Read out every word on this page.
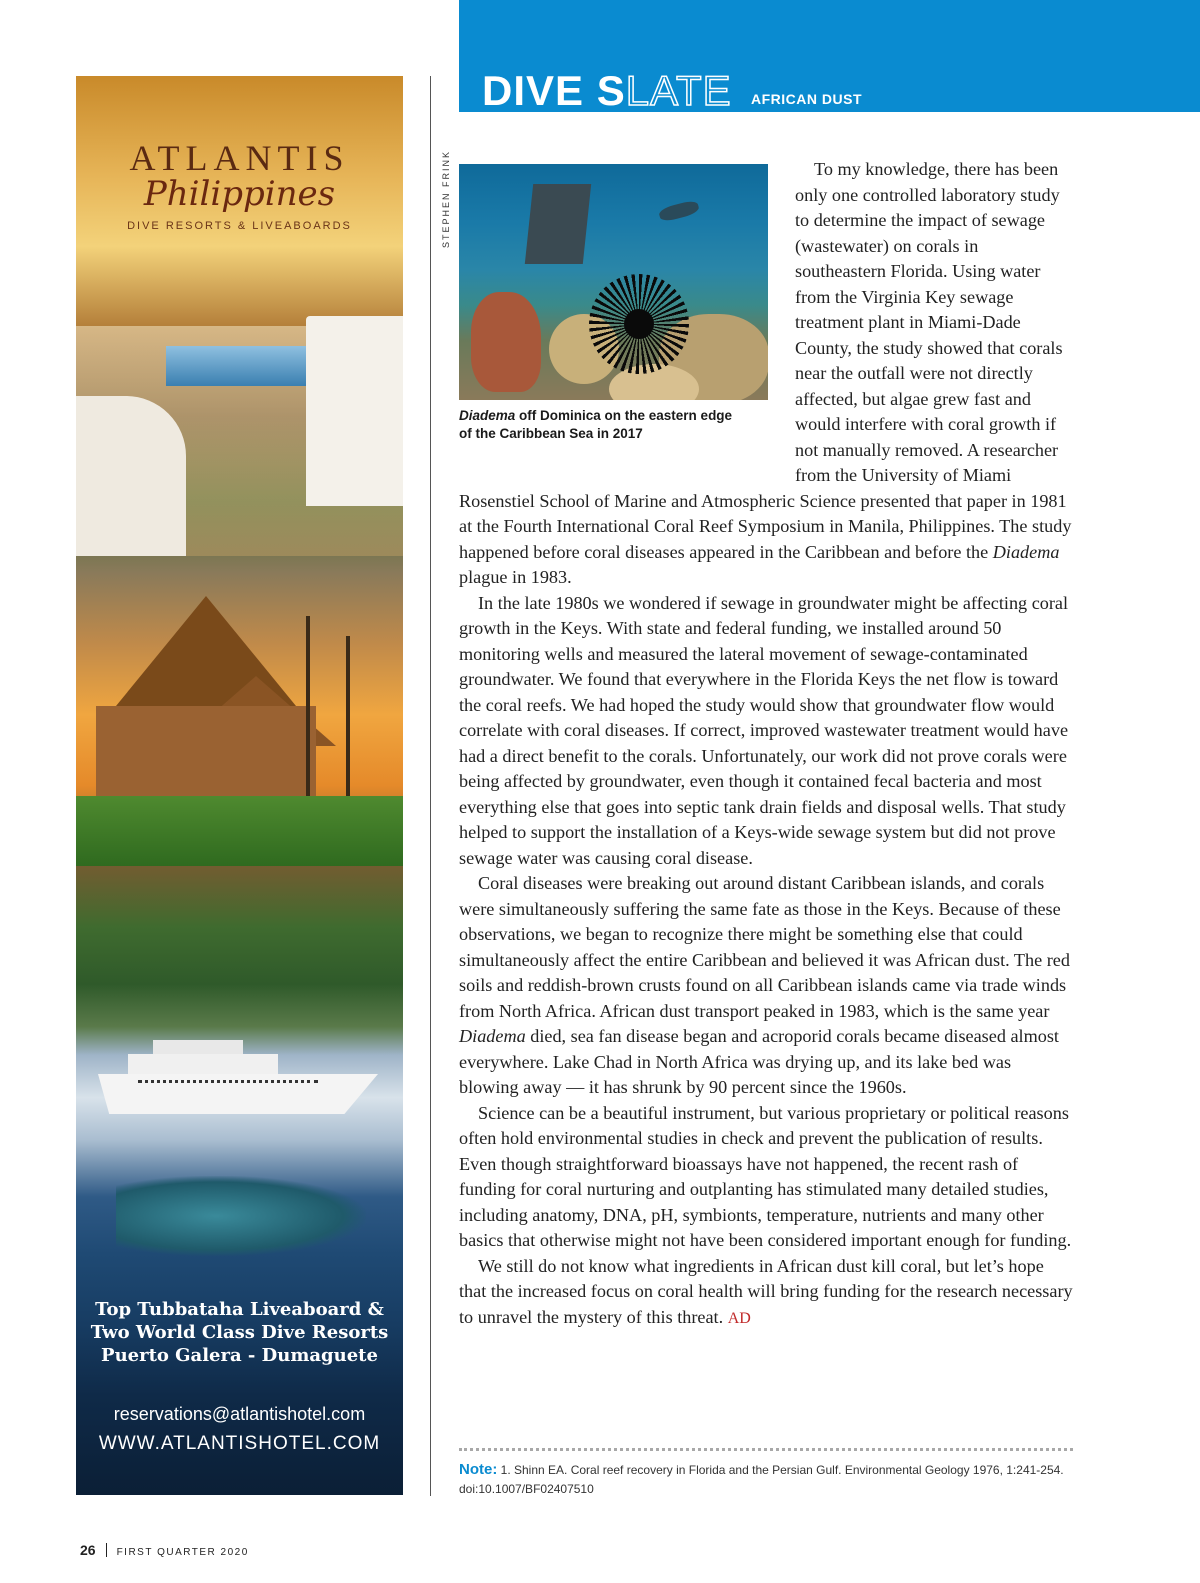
ATLANTIS
Philippines
DIVE RESORTS & LIVEABOARDS
Top Tubbataha Liveaboard &
Two World Class Dive Resorts
Puerto Galera - Dumaguete
reservations@atlantishotel.com
WWW.ATLANTISHOTEL.COM
DIVE SLATE AFRICAN DUST
STEPHEN FRINK
Diadema off Dominica on the eastern edge of the Caribbean Sea in 2017

To my knowledge, there has been only one controlled laboratory study to determine the impact of sewage (wastewater) on corals in southeastern Florida. Using water from the Virginia Key sewage treatment plant in Miami-Dade County, the study showed that corals near the outfall were not directly affected, but algae grew fast and would interfere with coral growth if not manually removed. A researcher from the University of Miami Rosenstiel School of Marine and Atmospheric Science presented that paper in 1981 at the Fourth International Coral Reef Symposium in Manila, Philippines. The study happened before coral diseases appeared in the Caribbean and before the Diadema plague in 1983.

In the late 1980s we wondered if sewage in groundwater might be affecting coral growth in the Keys. With state and federal funding, we installed around 50 monitoring wells and measured the lateral movement of sewage-contaminated groundwater. We found that everywhere in the Florida Keys the net flow is toward the coral reefs. We had hoped the study would show that groundwater flow would correlate with coral diseases. If correct, improved wastewater treatment would have had a direct benefit to the corals. Unfortunately, our work did not prove corals were being affected by groundwater, even though it contained fecal bacteria and most everything else that goes into septic tank drain fields and disposal wells. That study helped to support the installation of a Keys-wide sewage system but did not prove sewage water was causing coral disease.

Coral diseases were breaking out around distant Caribbean islands, and corals were simultaneously suffering the same fate as those in the Keys. Because of these observations, we began to recognize there might be something else that could simultaneously affect the entire Caribbean and believed it was African dust. The red soils and reddish-brown crusts found on all Caribbean islands came via trade winds from North Africa. African dust transport peaked in 1983, which is the same year Diadema died, sea fan disease began and acroporid corals became diseased almost everywhere. Lake Chad in North Africa was drying up, and its lake bed was blowing away — it has shrunk by 90 percent since the 1960s.

Science can be a beautiful instrument, but various proprietary or political reasons often hold environmental studies in check and prevent the publication of results. Even though straightforward bioassays have not happened, the recent rash of funding for coral nurturing and outplanting has stimulated many detailed studies, including anatomy, DNA, pH, symbionts, temperature, nutrients and many other basics that otherwise might not have been considered important enough for funding.

We still do not know what ingredients in African dust kill coral, but let’s hope that the increased focus on coral health will bring funding for the research necessary to unravel the mystery of this threat. AD

Note: 1. Shinn EA. Coral reef recovery in Florida and the Persian Gulf. Environmental Geology 1976, 1:241-254. doi:10.1007/BF02407510
26 FIRST QUARTER 2020
